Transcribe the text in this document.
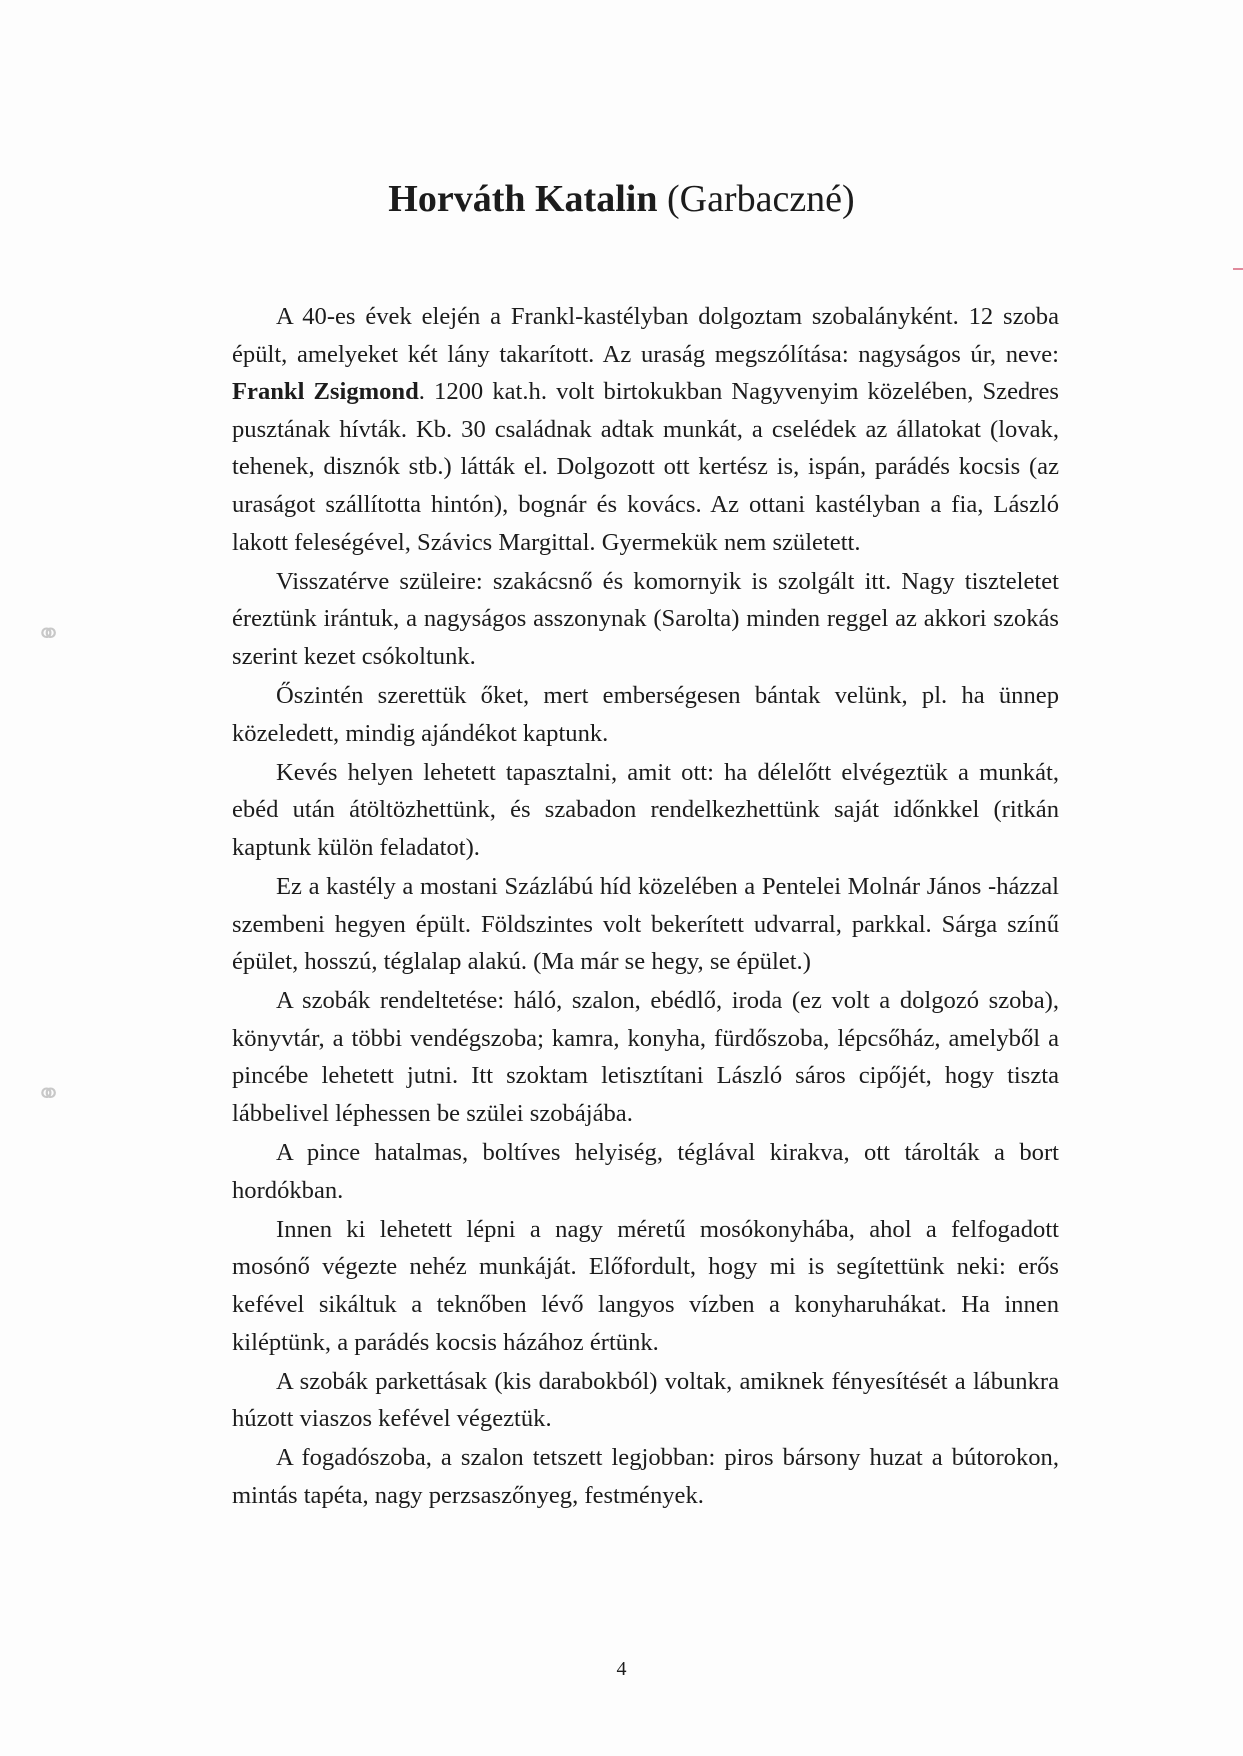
Horváth Katalin (Garbaczné)

A 40-es évek elején a Frankl-kastélyban dolgoztam szobalányként. 12 szoba épült, amelyeket két lány takarított. Az uraság megszólítása: nagyságos úr, neve: Frankl Zsigmond. 1200 kat.h. volt birtokukban Nagyvenyim közelében, Szedres pusztának hívták. Kb. 30 családnak adtak munkát, a cselédek az állatokat (lovak, tehenek, disznók stb.) látták el. Dolgozott ott kertész is, ispán, parádés kocsis (az uraságot szállította hintón), bognár és kovács. Az ottani kastélyban a fia, László lakott feleségével, Szávics Margittal. Gyermekük nem született.

Visszatérve szüleire: szakácsnő és komornyik is szolgált itt. Nagy tiszteletet éreztünk irántuk, a nagyságos asszonynak (Sarolta) minden reggel az akkori szokás szerint kezet csókoltunk.

Őszintén szerettük őket, mert emberségesen bántak velünk, pl. ha ünnep közeledett, mindig ajándékot kaptunk.

Kevés helyen lehetett tapasztalni, amit ott: ha délelőtt elvégeztük a munkát, ebéd után átöltözhettünk, és szabadon rendelkezhettünk saját időnkkel (ritkán kaptunk külön feladatot).

Ez a kastély a mostani Százlábú híd közelében a Pentelei Molnár János -házzal szembeni hegyen épült. Földszintes volt bekerített udvarral, parkkal. Sárga színű épület, hosszú, téglalap alakú. (Ma már se hegy, se épület.)

A szobák rendeltetése: háló, szalon, ebédlő, iroda (ez volt a dolgozó szoba), könyvtár, a többi vendégszoba; kamra, konyha, fürdőszoba, lépcsőház, amelyből a pincébe lehetett jutni. Itt szoktam letisztítani László sáros cipőjét, hogy tiszta lábbelivel léphessen be szülei szobájába.

A pince hatalmas, boltíves helyiség, téglával kirakva, ott tárolták a bort hordókban.

Innen ki lehetett lépni a nagy méretű mosókonyhába, ahol a felfogadott mosónő végezte nehéz munkáját. Előfordult, hogy mi is segítettünk neki: erős kefével sikáltuk a teknőben lévő langyos vízben a konyharuhákat. Ha innen kiléptünk, a parádés kocsis házához értünk.

A szobák parkettásak (kis darabokból) voltak, amiknek fényesítését a lábunkra húzott viaszos kefével végeztük.

A fogadószoba, a szalon tetszett legjobban: piros bársony huzat a bútorokon, mintás tapéta, nagy perzsaszőnyeg, festmények.

4
⚭
⚭
